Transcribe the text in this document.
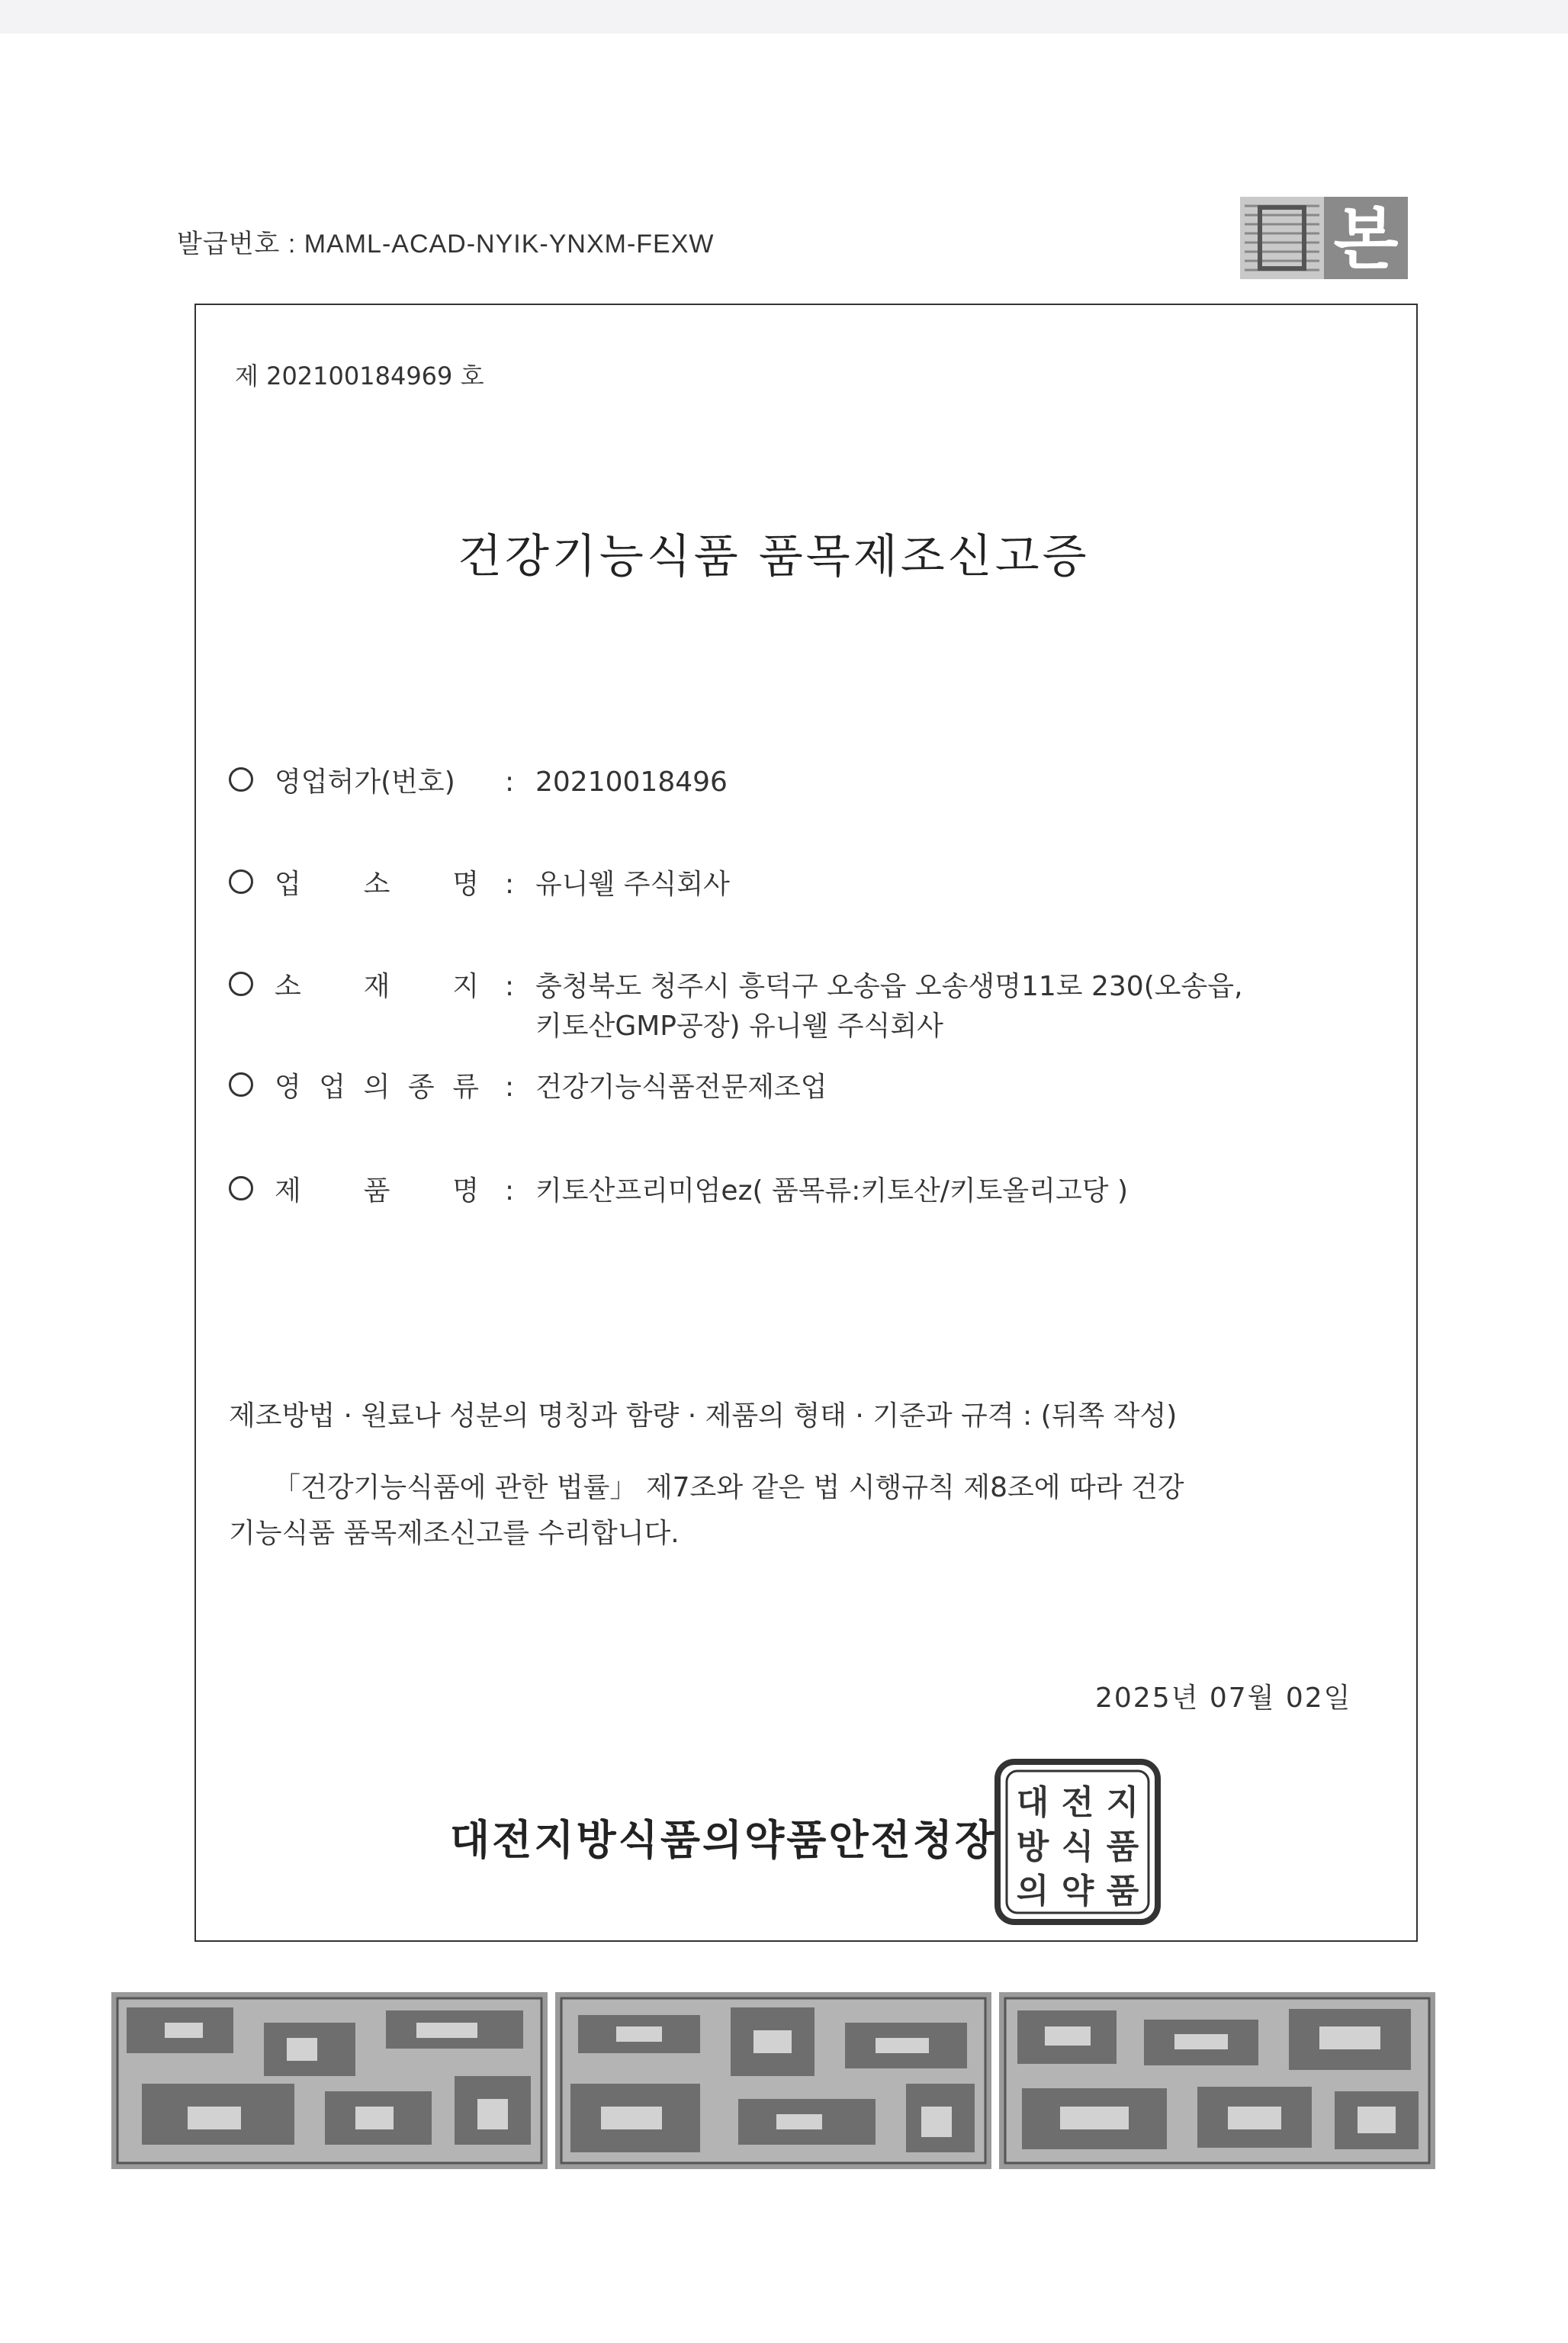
발급번호 : MAML-ACAD-NYIK-YNXM-FEXW	본
제 202100184969 호
건강기능식품 품목제조신고증
영업허가(번호)	: 20210018496
업 소 명 : 유니웰 주식회사
소 재 지 : 충청북도 청주시 흥덕구 오송읍 오송생명11로 230(오송읍,
키토산GMP공장) 유니웰 주식회사
영 업 의 종 류 : 건강기능식품전문제조업
제 품 명 : 키토산프리미엄ez( 품목류:키토산/키토올리고당 )
제조방법 · 원료나 성분의 명칭과 함량 · 제품의 형태 · 기준과 규격 : (뒤쪽 작성)
「건강기능식품에 관한 법률」 제7조와 같은 법 시행규칙 제8조에 따라 건강
기능식품 품목제조신고를 수리합니다.
2025년 07월 02일
대전지방식품의약품안전청장
대 전 지
방 식 품
의 약 품
